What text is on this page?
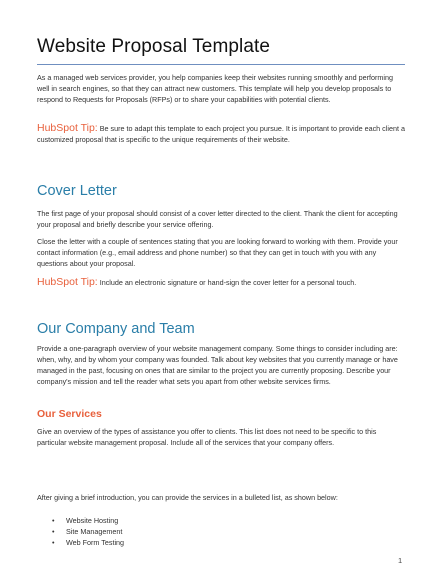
Website Proposal Template
As a managed web services provider, you help companies keep their websites running smoothly and performing well in search engines, so that they can attract new customers. This template will help you develop proposals to respond to Requests for Proposals (RFPs) or to share your capabilities with potential clients.
HubSpot Tip: Be sure to adapt this template to each project you pursue. It is important to provide each client a customized proposal that is specific to the unique requirements of their website.
Cover Letter
The first page of your proposal should consist of a cover letter directed to the client. Thank the client for accepting your proposal and briefly describe your service offering.
Close the letter with a couple of sentences stating that you are looking forward to working with them. Provide your contact information (e.g., email address and phone number) so that they can get in touch with you with any questions about your proposal.
HubSpot Tip: Include an electronic signature or hand-sign the cover letter for a personal touch.
Our Company and Team
Provide a one-paragraph overview of your website management company. Some things to consider including are: when, why, and by whom your company was founded. Talk about key websites that you currently manage or have managed in the past, focusing on ones that are similar to the project you are currently proposing. Describe your company's mission and tell the reader what sets you apart from other website services firms.
Our Services
Give an overview of the types of assistance you offer to clients. This list does not need to be specific to this particular website management proposal. Include all of the services that your company offers.
After giving a brief introduction, you can provide the services in a bulleted list, as shown below:
• Website Hosting
• Site Management
• Web Form Testing
1
